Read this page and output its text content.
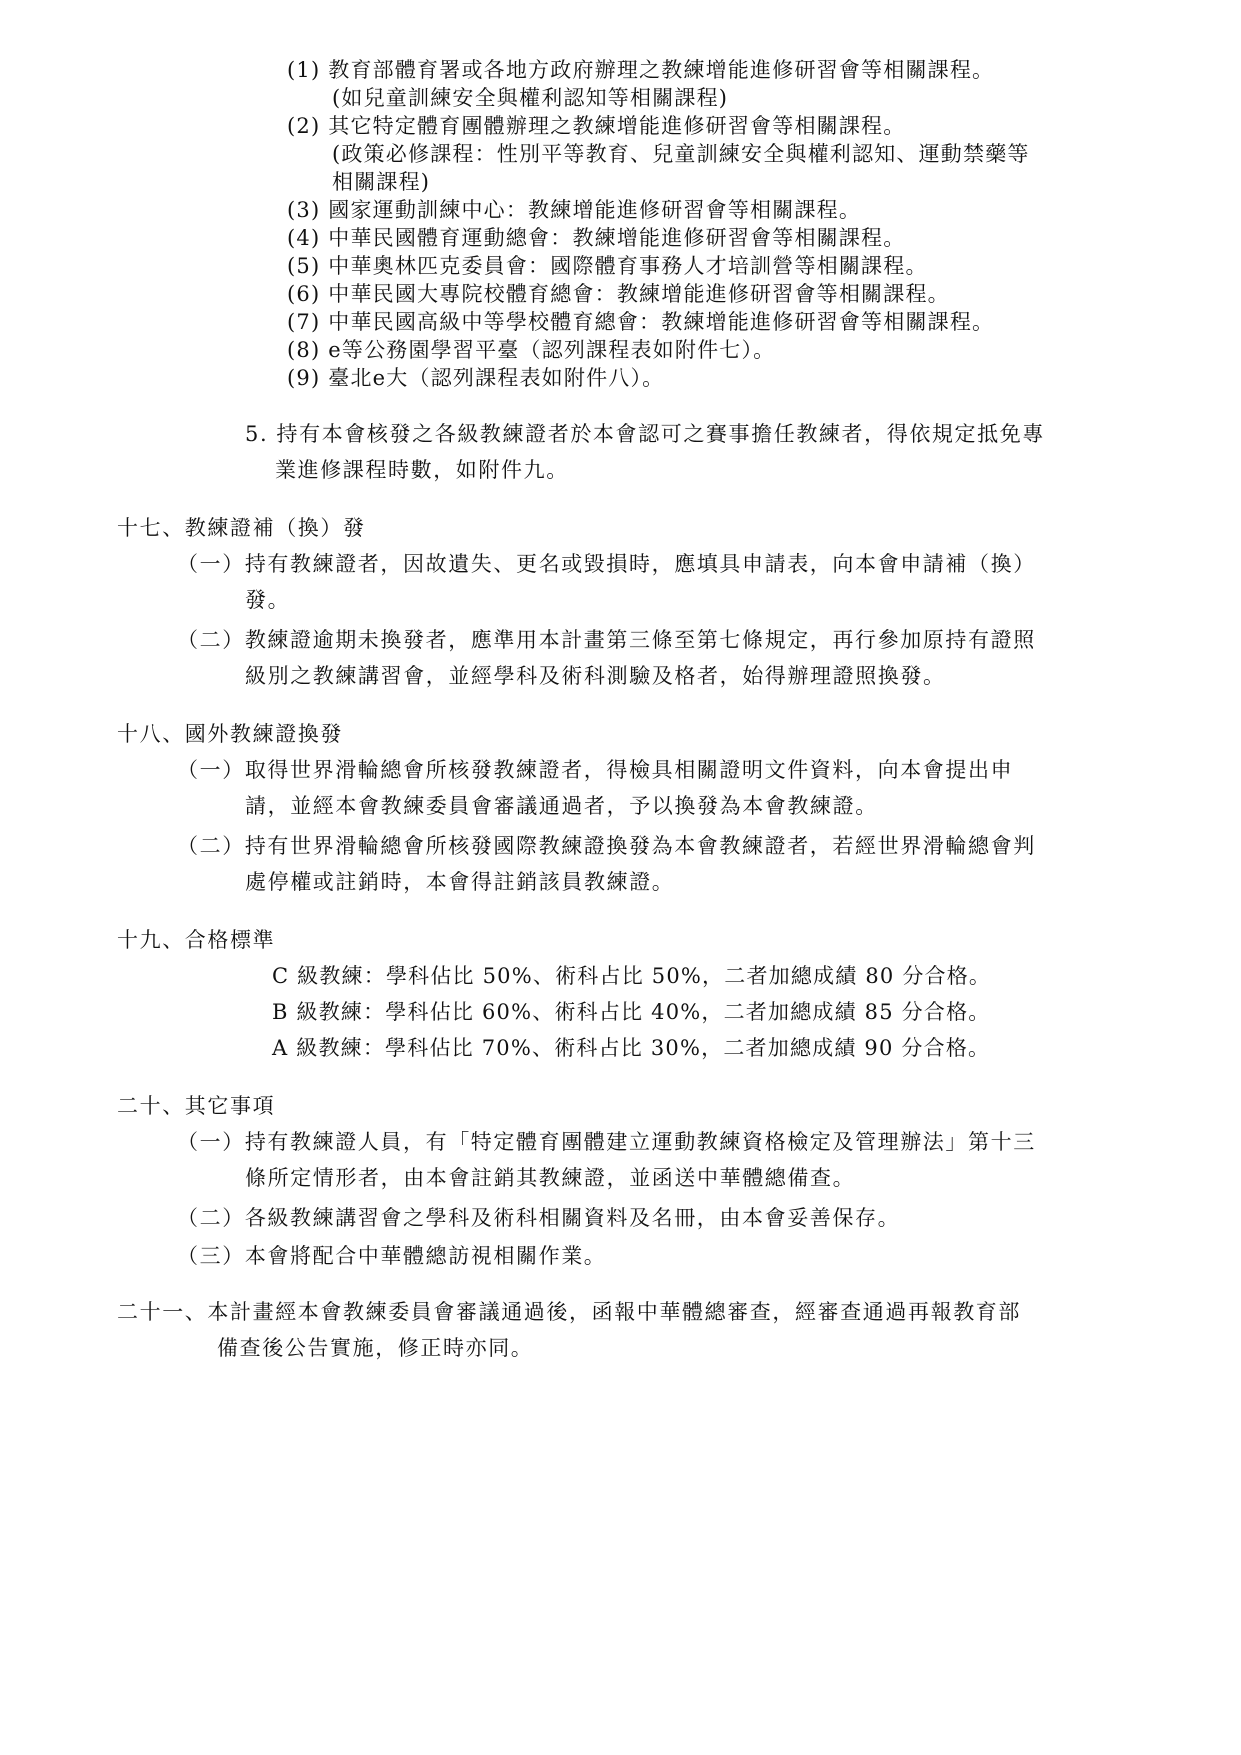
(1) 教育部體育署或各地方政府辦理之教練增能進修研習會等相關課程。
(如兒童訓練安全與權利認知等相關課程)
(2) 其它特定體育團體辦理之教練增能進修研習會等相關課程。
(政策必修課程：性別平等教育、兒童訓練安全與權利認知、運動禁藥等
相關課程)
(3) 國家運動訓練中心：教練增能進修研習會等相關課程。
(4) 中華民國體育運動總會：教練增能進修研習會等相關課程。
(5) 中華奧林匹克委員會：國際體育事務人才培訓營等相關課程。
(6) 中華民國大專院校體育總會：教練增能進修研習會等相關課程。
(7) 中華民國高級中等學校體育總會：教練增能進修研習會等相關課程。
(8) e等公務園學習平臺（認列課程表如附件七）。
(9) 臺北e大（認列課程表如附件八）。
5. 持有本會核發之各級教練證者於本會認可之賽事擔任教練者，得依規定抵免專
業進修課程時數，如附件九。
十七、教練證補（換）發
（一）持有教練證者，因故遺失、更名或毀損時，應填具申請表，向本會申請補（換）
發。
（二）教練證逾期未換發者，應準用本計畫第三條至第七條規定，再行參加原持有證照
級別之教練講習會，並經學科及術科測驗及格者，始得辦理證照換發。
十八、國外教練證換發
（一）取得世界滑輪總會所核發教練證者，得檢具相關證明文件資料，向本會提出申
請，並經本會教練委員會審議通過者，予以換發為本會教練證。
（二）持有世界滑輪總會所核發國際教練證換發為本會教練證者，若經世界滑輪總會判
處停權或註銷時，本會得註銷該員教練證。
十九、合格標準
C 級教練：學科佔比 50%、術科占比 50%，二者加總成績 80 分合格。
B 級教練：學科佔比 60%、術科占比 40%，二者加總成績 85 分合格。
A 級教練：學科佔比 70%、術科占比 30%，二者加總成績 90 分合格。
二十、其它事項
（一）持有教練證人員，有「特定體育團體建立運動教練資格檢定及管理辦法」第十三
條所定情形者，由本會註銷其教練證，並函送中華體總備查。
（二）各級教練講習會之學科及術科相關資料及名冊，由本會妥善保存。
（三）本會將配合中華體總訪視相關作業。
二十一、本計畫經本會教練委員會審議通過後，函報中華體總審查，經審查通過再報教育部
備查後公告實施，修正時亦同。
